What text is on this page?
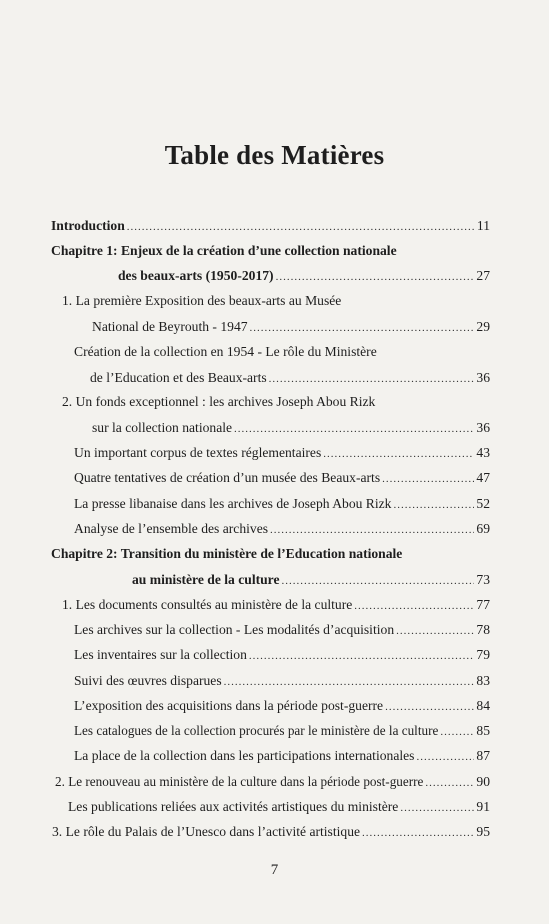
Table des Matières
Introduction .....	11
Chapitre 1: Enjeux de la création d’une collection nationale
des beaux-arts (1950-2017) .....	27
1. La première Exposition des beaux-arts au Musée
National de Beyrouth - 1947 .....	29
Création de la collection en 1954 - Le rôle du Ministère
de l’Education et des Beaux-arts .....	36
2. Un fonds exceptionnel : les archives Joseph Abou Rizk
sur la collection nationale .....	36
Un important corpus de textes réglementaires .....	43
Quatre tentatives de création d’un musée des Beaux-arts .....	47
La presse libanaise dans les archives de Joseph Abou Rizk .....	52
Analyse de l’ensemble des archives .....	69
Chapitre 2: Transition du ministère de l’Education nationale
au ministère de la culture .....	73
1. Les documents consultés au ministère de la culture .....	77
Les archives sur la collection - Les modalités d’acquisition .....	78
Les inventaires sur la collection .....	79
Suivi des œuvres disparues .....	83
L’exposition des acquisitions dans la période post-guerre .....	84
Les catalogues de la collection procurés par le ministère de la culture .....	85
La place de la collection dans les participations internationales .....	87
2. Le renouveau au ministère de la culture dans la période post-guerre .....	90
Les publications reliées aux activités artistiques du ministère .....	91
3. Le rôle du Palais de l’Unesco dans l’activité artistique .....	95
7
